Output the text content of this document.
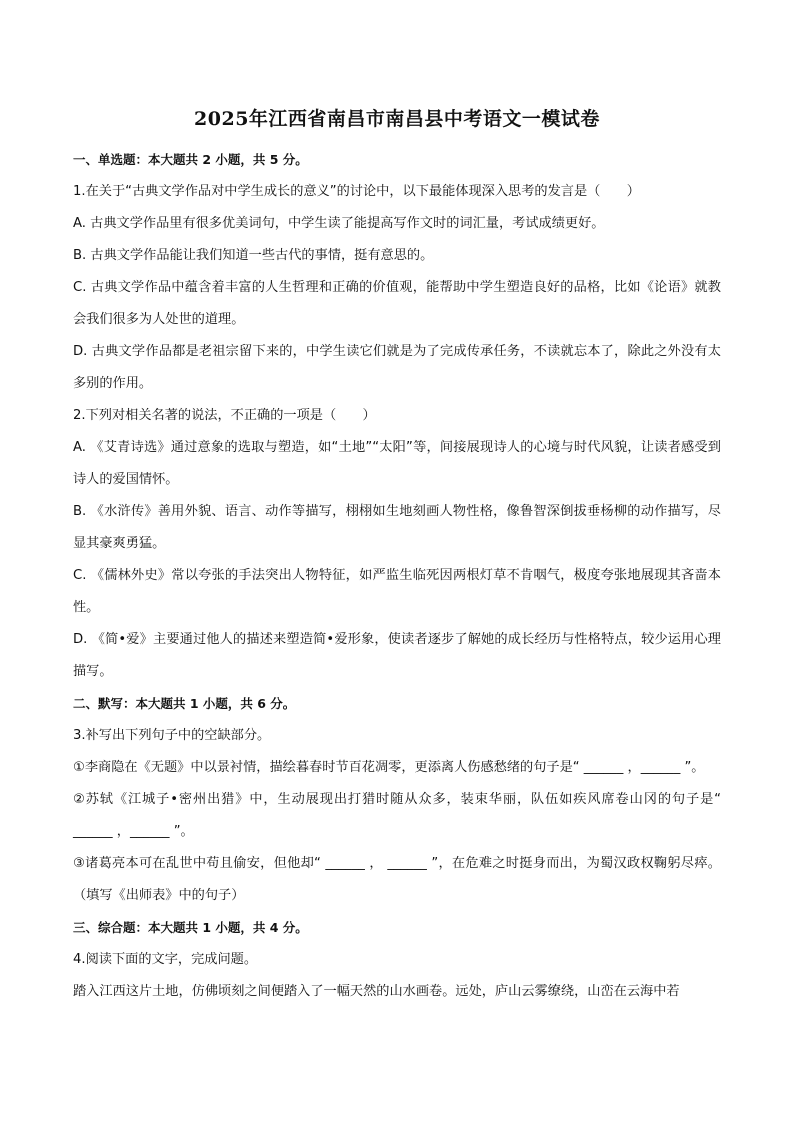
2025年江西省南昌市南昌县中考语文一模试卷

一、单选题：本大题共 2 小题，共 5 分。

1.在关于“古典文学作品对中学生成长的意义”的讨论中，以下最能体现深入思考的发言是（　　）

A. 古典文学作品里有很多优美词句，中学生读了能提高写作文时的词汇量，考试成绩更好。

B. 古典文学作品能让我们知道一些古代的事情，挺有意思的。

C. 古典文学作品中蕴含着丰富的人生哲理和正确的价值观，能帮助中学生塑造良好的品格，比如《论语》就教会我们很多为人处世的道理。

D. 古典文学作品都是老祖宗留下来的，中学生读它们就是为了完成传承任务，不读就忘本了，除此之外没有太多别的作用。

2.下列对相关名著的说法，不正确的一项是（　　）

A. 《艾青诗选》通过意象的选取与塑造，如“土地”“太阳”等，间接展现诗人的心境与时代风貌，让读者感受到诗人的爱国情怀。

B. 《水浒传》善用外貌、语言、动作等描写，栩栩如生地刻画人物性格，像鲁智深倒拔垂杨柳的动作描写，尽显其豪爽勇猛。

C. 《儒林外史》常以夸张的手法突出人物特征，如严监生临死因两根灯草不肯咽气，极度夸张地展现其吝啬本性。

D. 《简•爱》主要通过他人的描述来塑造简•爱形象，使读者逐步了解她的成长经历与性格特点，较少运用心理描写。

二、默写：本大题共 1 小题，共 6 分。

3.补写出下列句子中的空缺部分。

①李商隐在《无题》中以景衬情，描绘暮春时节百花凋零，更添离人伤感愁绪的句子是“ ______ ，______ ”。

②苏轼《江城子•密州出猎》中，生动展现出打猎时随从众多，装束华丽，队伍如疾风席卷山冈的句子是“ ______ ，______ ”。

③诸葛亮本可在乱世中苟且偷安，但他却“ ______ ， ______ ”，在危难之时挺身而出，为蜀汉政权鞠躬尽瘁。（填写《出师表》中的句子）

三、综合题：本大题共 1 小题，共 4 分。

4.阅读下面的文字，完成问题。

踏入江西这片土地，仿佛顷刻之间便踏入了一幅天然的山水画卷。远处，庐山云雾缭绕，山峦在云海中若
